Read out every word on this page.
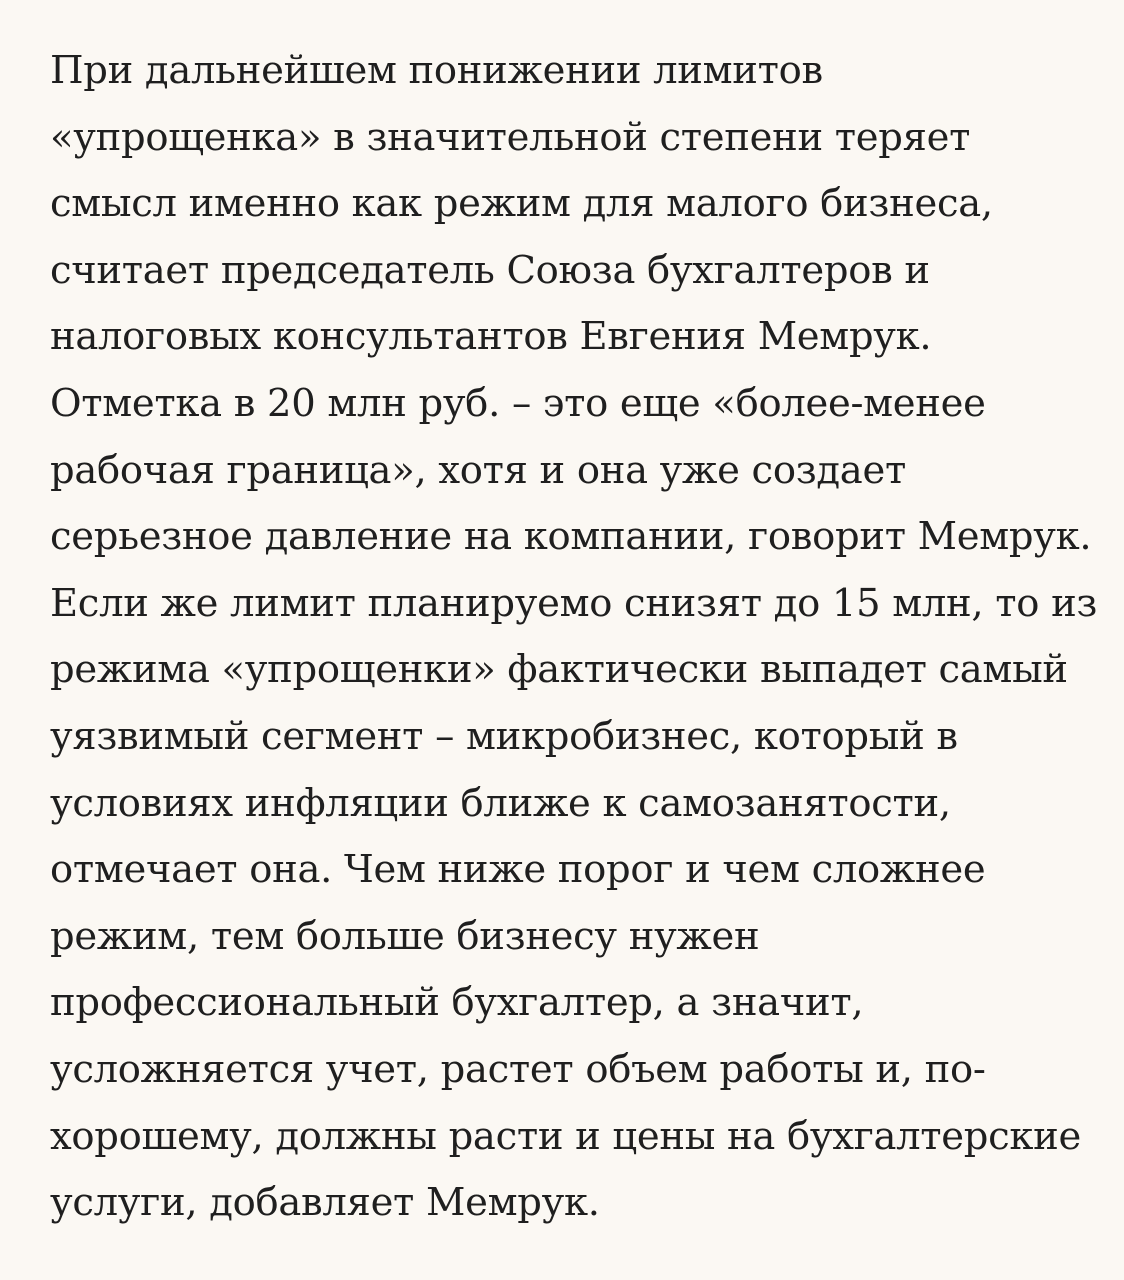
При дальнейшем понижении лимитов
«упрощенка» в значительной степени теряет
смысл именно как режим для малого бизнеса,
считает председатель Союза бухгалтеров и
налоговых консультантов Евгения Мемрук.
Отметка в 20 млн руб. – это еще «более-менее
рабочая граница», хотя и она уже создает
серьезное давление на компании, говорит Мемрук.
Если же лимит планируемо снизят до 15 млн, то из
режима «упрощенки» фактически выпадет самый
уязвимый сегмент – микробизнес, который в
условиях инфляции ближе к самозанятости,
отмечает она. Чем ниже порог и чем сложнее
режим, тем больше бизнесу нужен
профессиональный бухгалтер, а значит,
усложняется учет, растет объем работы и, по-
хорошему, должны расти и цены на бухгалтерские
услуги, добавляет Мемрук.
